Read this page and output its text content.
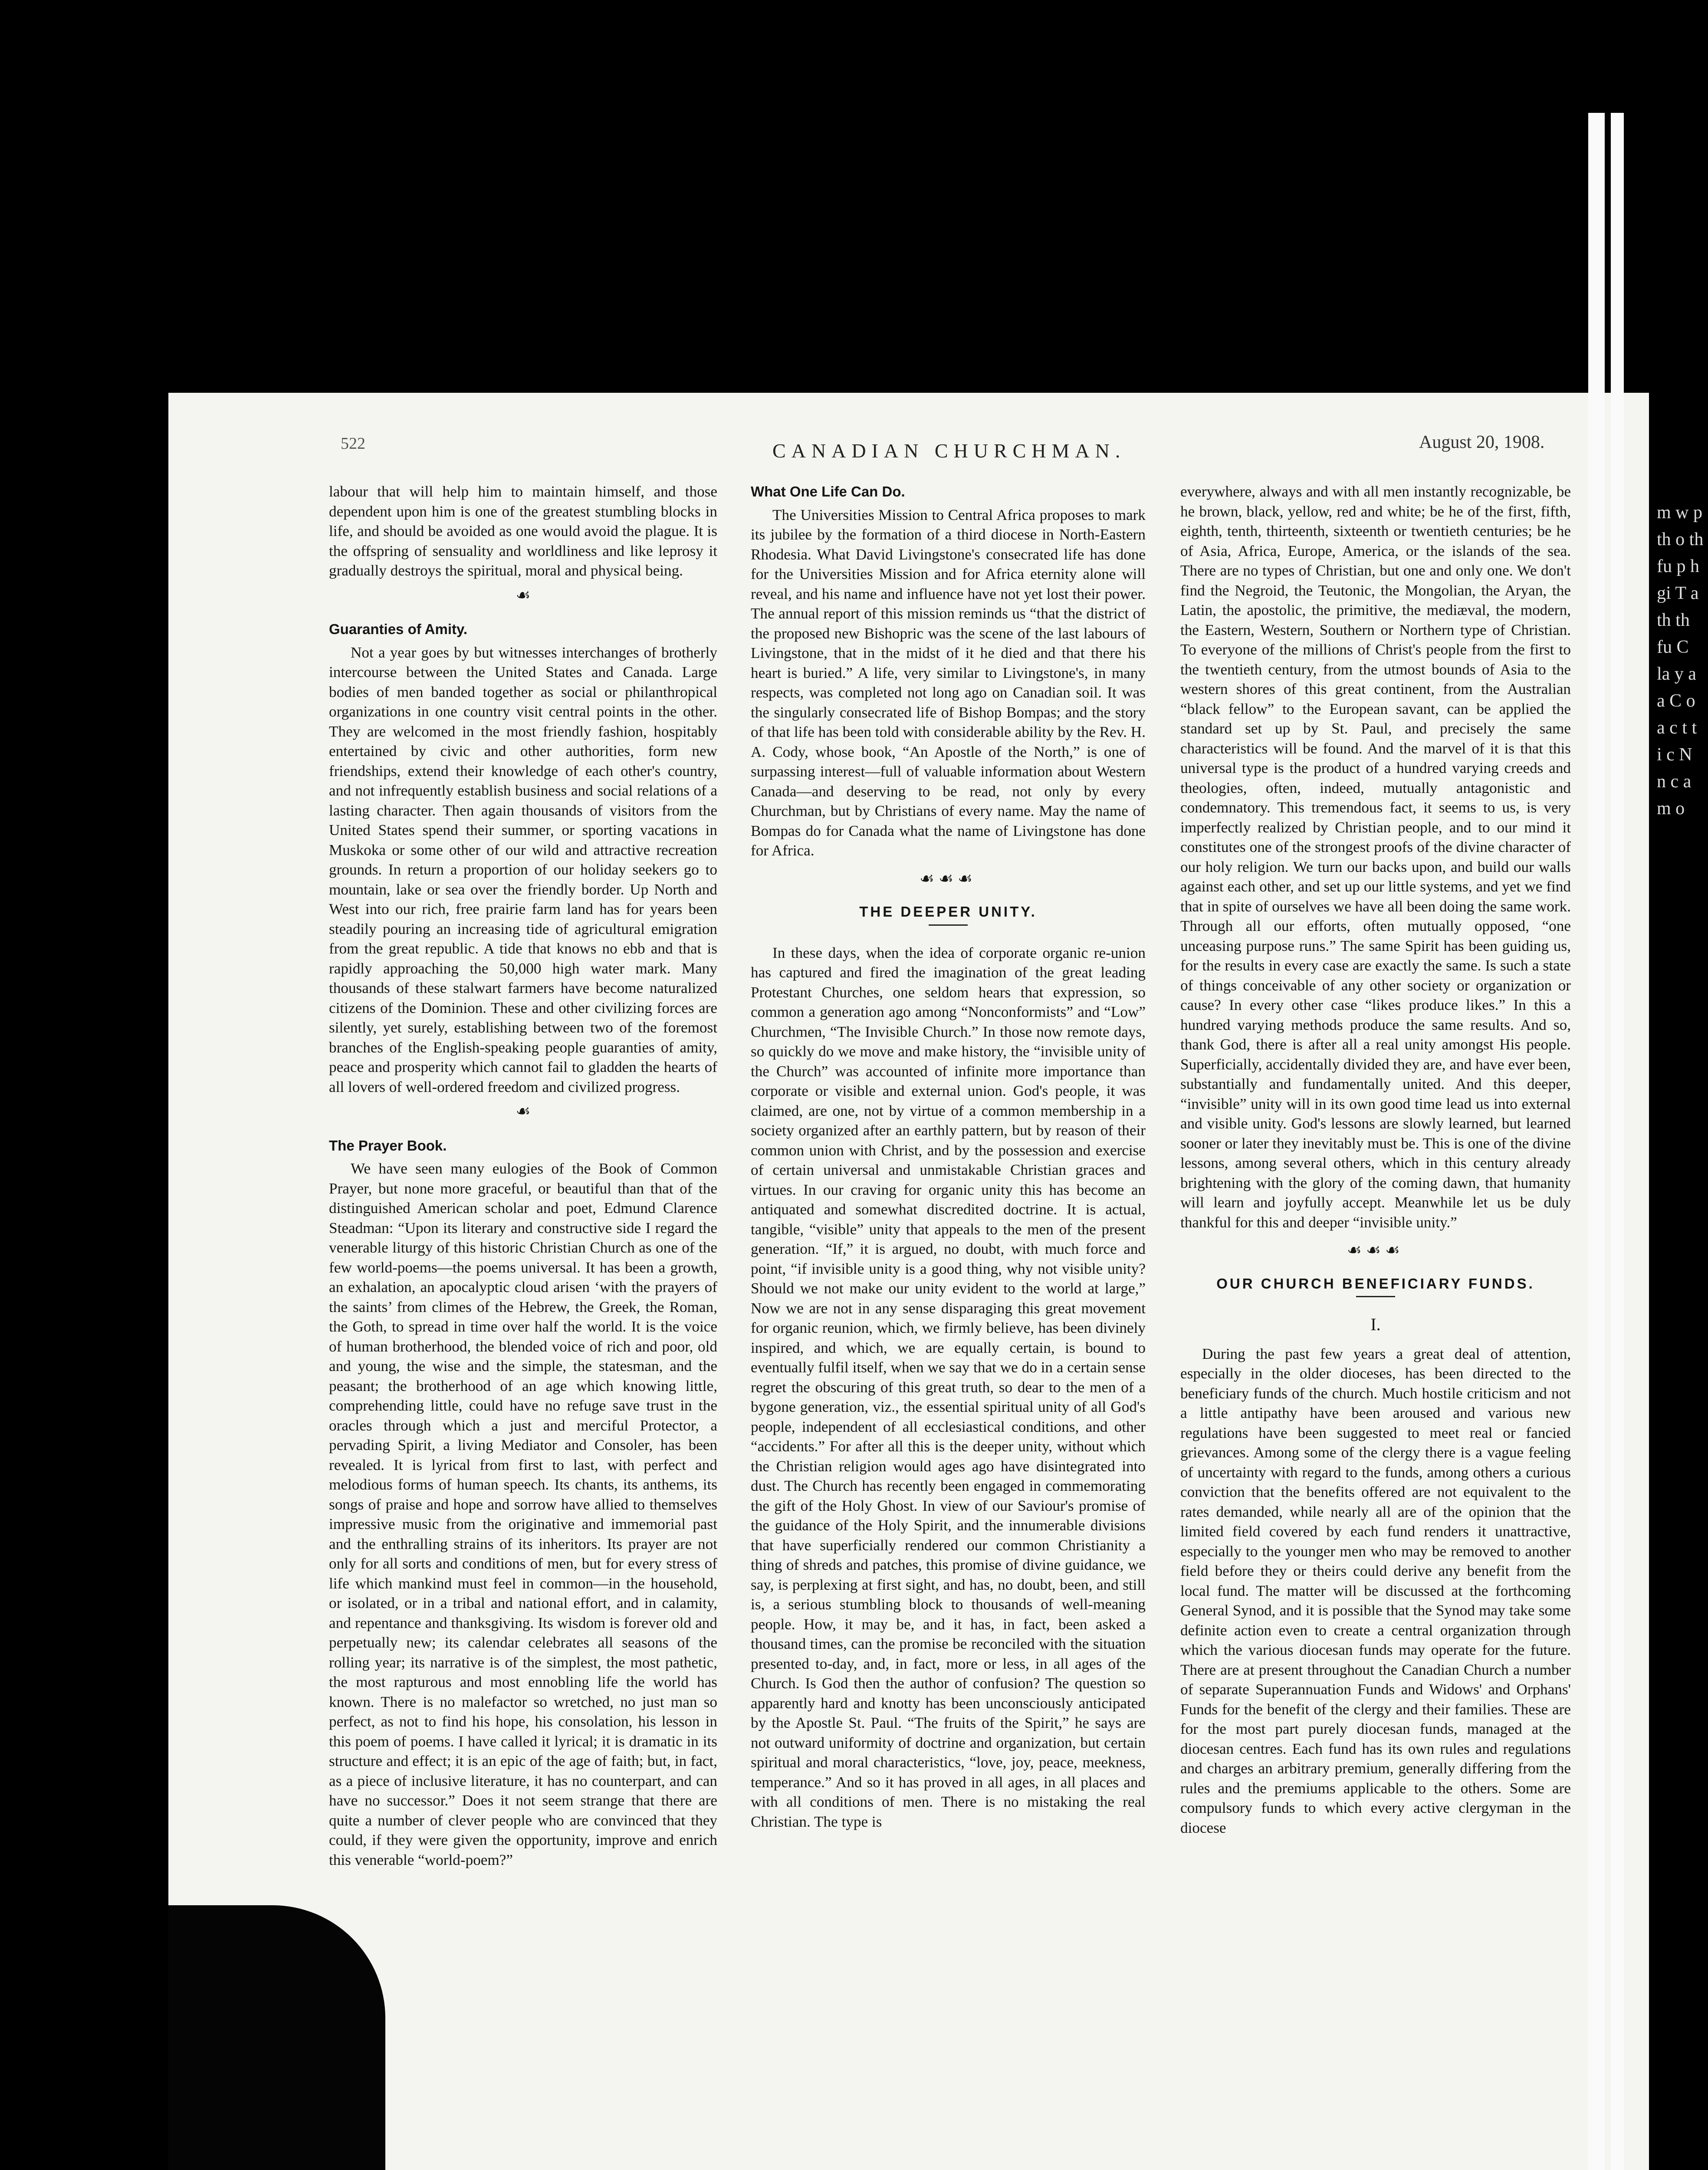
m w p th o th fu p h gi T a th th fu C la y a a C o a c t t i c N n c a m o
522	CANADIAN CHURCHMAN.	August 20, 1908.

labour that will help him to maintain himself, and those dependent upon him is one of the greatest stumbling blocks in life, and should be avoided as one would avoid the plague. It is the offspring of sensuality and worldliness and like leprosy it gradually destroys the spiritual, moral and physical being.

☙
Guaranties of Amity.

Not a year goes by but witnesses interchanges of brotherly intercourse between the United States and Canada. Large bodies of men banded together as social or philanthropical organizations in one country visit central points in the other. They are welcomed in the most friendly fashion, hospitably entertained by civic and other authorities, form new friendships, extend their knowledge of each other's country, and not infrequently establish business and social relations of a lasting character. Then again thousands of visitors from the United States spend their summer, or sporting vacations in Muskoka or some other of our wild and attractive recreation grounds. In return a proportion of our holiday seekers go to mountain, lake or sea over the friendly border. Up North and West into our rich, free prairie farm land has for years been steadily pouring an increasing tide of agricultural emigration from the great republic. A tide that knows no ebb and that is rapidly approaching the 50,000 high water mark. Many thousands of these stalwart farmers have become naturalized citizens of the Dominion. These and other civilizing forces are silently, yet surely, establishing between two of the foremost branches of the English-speaking people guaranties of amity, peace and prosperity which cannot fail to gladden the hearts of all lovers of well-ordered freedom and civilized progress.

☙
The Prayer Book.

We have seen many eulogies of the Book of Common Prayer, but none more graceful, or beautiful than that of the distinguished American scholar and poet, Edmund Clarence Steadman: “Upon its literary and constructive side I regard the venerable liturgy of this historic Christian Church as one of the few world-poems—the poems universal. It has been a growth, an exhalation, an apocalyptic cloud arisen ‘with the prayers of the saints’ from climes of the Hebrew, the Greek, the Roman, the Goth, to spread in time over half the world. It is the voice of human brotherhood, the blended voice of rich and poor, old and young, the wise and the simple, the statesman, and the peasant; the brotherhood of an age which knowing little, comprehending little, could have no refuge save trust in the oracles through which a just and merciful Protector, a pervading Spirit, a living Mediator and Consoler, has been revealed. It is lyrical from first to last, with perfect and melodious forms of human speech. Its chants, its anthems, its songs of praise and hope and sorrow have allied to themselves impressive music from the originative and immemorial past and the enthralling strains of its inheritors. Its prayer are not only for all sorts and conditions of men, but for every stress of life which mankind must feel in common—in the household, or isolated, or in a tribal and national effort, and in calamity, and repentance and thanksgiving. Its wisdom is forever old and perpetually new; its calendar celebrates all seasons of the rolling year; its narrative is of the simplest, the most pathetic, the most rapturous and most ennobling life the world has known. There is no malefactor so wretched, no just man so perfect, as not to find his hope, his consolation, his lesson in this poem of poems. I have called it lyrical; it is dramatic in its structure and effect; it is an epic of the age of faith; but, in fact, as a piece of inclusive literature, it has no counterpart, and can have no successor.” Does it not seem strange that there are quite a number of clever people who are convinced that they could, if they were given the opportunity, improve and enrich this venerable “world-poem?”

What One Life Can Do.

The Universities Mission to Central Africa proposes to mark its jubilee by the formation of a third diocese in North-Eastern Rhodesia. What David Livingstone's consecrated life has done for the Universities Mission and for Africa eternity alone will reveal, and his name and influence have not yet lost their power. The annual report of this mission reminds us “that the district of the proposed new Bishopric was the scene of the last labours of Livingstone, that in the midst of it he died and that there his heart is buried.” A life, very similar to Livingstone's, in many respects, was completed not long ago on Canadian soil. It was the singularly consecrated life of Bishop Bompas; and the story of that life has been told with considerable ability by the Rev. H. A. Cody, whose book, “An Apostle of the North,” is one of surpassing interest—full of valuable information about Western Canada—and deserving to be read, not only by every Churchman, but by Christians of every name. May the name of Bompas do for Canada what the name of Livingstone has done for Africa.

☙☙☙
THE DEEPER UNITY.

In these days, when the idea of corporate organic re-union has captured and fired the imagination of the great leading Protestant Churches, one seldom hears that expression, so common a generation ago among “Nonconformists” and “Low” Churchmen, “The Invisible Church.” In those now remote days, so quickly do we move and make history, the “invisible unity of the Church” was accounted of infinite more importance than corporate or visible and external union. God's people, it was claimed, are one, not by virtue of a common membership in a society organized after an earthly pattern, but by reason of their common union with Christ, and by the possession and exercise of certain universal and unmistakable Christian graces and virtues. In our craving for organic unity this has become an antiquated and somewhat discredited doctrine. It is actual, tangible, “visible” unity that appeals to the men of the present generation. “If,” it is argued, no doubt, with much force and point, “if invisible unity is a good thing, why not visible unity? Should we not make our unity evident to the world at large,” Now we are not in any sense disparaging this great movement for organic reunion, which, we firmly believe, has been divinely inspired, and which, we are equally certain, is bound to eventually fulfil itself, when we say that we do in a certain sense regret the obscuring of this great truth, so dear to the men of a bygone generation, viz., the essential spiritual unity of all God's people, independent of all ecclesiastical conditions, and other “accidents.” For after all this is the deeper unity, without which the Christian religion would ages ago have disintegrated into dust. The Church has recently been engaged in commemorating the gift of the Holy Ghost. In view of our Saviour's promise of the guidance of the Holy Spirit, and the innumerable divisions that have superficially rendered our common Christianity a thing of shreds and patches, this promise of divine guidance, we say, is perplexing at first sight, and has, no doubt, been, and still is, a serious stumbling block to thousands of well-meaning people. How, it may be, and it has, in fact, been asked a thousand times, can the promise be reconciled with the situation presented to-day, and, in fact, more or less, in all ages of the Church. Is God then the author of confusion? The question so apparently hard and knotty has been unconsciously anticipated by the Apostle St. Paul. “The fruits of the Spirit,” he says are not outward uniformity of doctrine and organization, but certain spiritual and moral characteristics, “love, joy, peace, meekness, temperance.” And so it has proved in all ages, in all places and with all conditions of men. There is no mistaking the real Christian. The type is

everywhere, always and with all men instantly recognizable, be he brown, black, yellow, red and white; be he of the first, fifth, eighth, tenth, thirteenth, sixteenth or twentieth centuries; be he of Asia, Africa, Europe, America, or the islands of the sea. There are no types of Christian, but one and only one. We don't find the Negroid, the Teutonic, the Mongolian, the Aryan, the Latin, the apostolic, the primitive, the mediæval, the modern, the Eastern, Western, Southern or Northern type of Christian. To everyone of the millions of Christ's people from the first to the twentieth century, from the utmost bounds of Asia to the western shores of this great continent, from the Australian “black fellow” to the European savant, can be applied the standard set up by St. Paul, and precisely the same characteristics will be found. And the marvel of it is that this universal type is the product of a hundred varying creeds and theologies, often, indeed, mutually antagonistic and condemnatory. This tremendous fact, it seems to us, is very imperfectly realized by Christian people, and to our mind it constitutes one of the strongest proofs of the divine character of our holy religion. We turn our backs upon, and build our walls against each other, and set up our little systems, and yet we find that in spite of ourselves we have all been doing the same work. Through all our efforts, often mutually opposed, “one unceasing purpose runs.” The same Spirit has been guiding us, for the results in every case are exactly the same. Is such a state of things conceivable of any other society or organization or cause? In every other case “likes produce likes.” In this a hundred varying methods produce the same results. And so, thank God, there is after all a real unity amongst His people. Superficially, accidentally divided they are, and have ever been, substantially and fundamentally united. And this deeper, “invisible” unity will in its own good time lead us into external and visible unity. God's lessons are slowly learned, but learned sooner or later they inevitably must be. This is one of the divine lessons, among several others, which in this century already brightening with the glory of the coming dawn, that humanity will learn and joyfully accept. Meanwhile let us be duly thankful for this and deeper “invisible unity.”

☙☙☙
OUR CHURCH BENEFICIARY FUNDS.
I.

During the past few years a great deal of attention, especially in the older dioceses, has been directed to the beneficiary funds of the church. Much hostile criticism and not a little antipathy have been aroused and various new regulations have been suggested to meet real or fancied grievances. Among some of the clergy there is a vague feeling of uncertainty with regard to the funds, among others a curious conviction that the benefits offered are not equivalent to the rates demanded, while nearly all are of the opinion that the limited field covered by each fund renders it unattractive, especially to the younger men who may be removed to another field before they or theirs could derive any benefit from the local fund. The matter will be discussed at the forthcoming General Synod, and it is possible that the Synod may take some definite action even to create a central organization through which the various diocesan funds may operate for the future. There are at present throughout the Canadian Church a number of separate Superannuation Funds and Widows' and Orphans' Funds for the benefit of the clergy and their families. These are for the most part purely diocesan funds, managed at the diocesan centres. Each fund has its own rules and regulations and charges an arbitrary premium, generally differing from the rules and the premiums applicable to the others. Some are compulsory funds to which every active clergyman in the diocese
